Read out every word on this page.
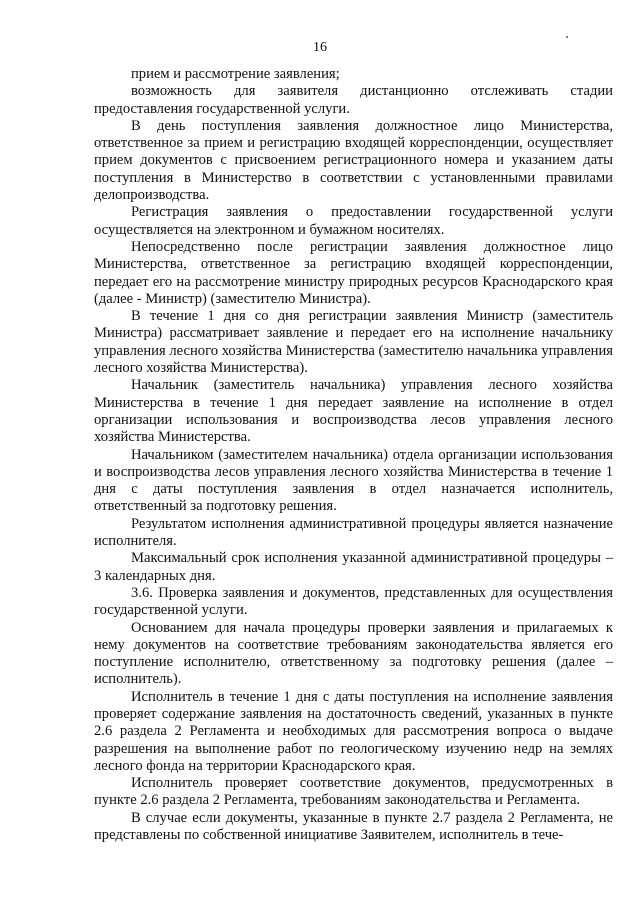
16

прием и рассмотрение заявления;

возможность для заявителя дистанционно отслеживать стадии предоставления государственной услуги.

В день поступления заявления должностное лицо Министерства, ответственное за прием и регистрацию входящей корреспонденции, осуществляет прием документов с присвоением регистрационного номера и указанием даты поступления в Министерство в соответствии с установленными правилами делопроизводства.

Регистрация заявления о предоставлении государственной услуги осуществляется на электронном и бумажном носителях.

Непосредственно после регистрации заявления должностное лицо Министерства, ответственное за регистрацию входящей корреспонденции, передает его на рассмотрение министру природных ресурсов Краснодарского края (далее - Министр) (заместителю Министра).

В течение 1 дня со дня регистрации заявления Министр (заместитель Министра) рассматривает заявление и передает его на исполнение начальнику управления лесного хозяйства Министерства (заместителю начальника управления лесного хозяйства Министерства).

Начальник (заместитель начальника) управления лесного хозяйства Министерства в течение 1 дня передает заявление на исполнение в отдел организации использования и воспроизводства лесов управления лесного хозяйства Министерства.

Начальником (заместителем начальника) отдела организации использования и воспроизводства лесов управления лесного хозяйства Министерства в течение 1 дня с даты поступления заявления в отдел назначается исполнитель, ответственный за подготовку решения.

Результатом исполнения административной процедуры является назначение исполнителя.

Максимальный срок исполнения указанной административной процедуры – 3 календарных дня.

3.6. Проверка заявления и документов, представленных для осуществления государственной услуги.

Основанием для начала процедуры проверки заявления и прилагаемых к нему документов на соответствие требованиям законодательства является его поступление исполнителю, ответственному за подготовку решения (далее – исполнитель).

Исполнитель в течение 1 дня с даты поступления на исполнение заявления проверяет содержание заявления на достаточность сведений, указанных в пункте 2.6 раздела 2 Регламента и необходимых для рассмотрения вопроса о выдаче разрешения на выполнение работ по геологическому изучению недр на землях лесного фонда на территории Краснодарского края.

Исполнитель проверяет соответствие документов, предусмотренных в пункте 2.6 раздела 2 Регламента, требованиям законодательства и Регламента.

В случае если документы, указанные в пункте 2.7 раздела 2 Регламента, не представлены по собственной инициативе Заявителем, исполнитель в тече-
